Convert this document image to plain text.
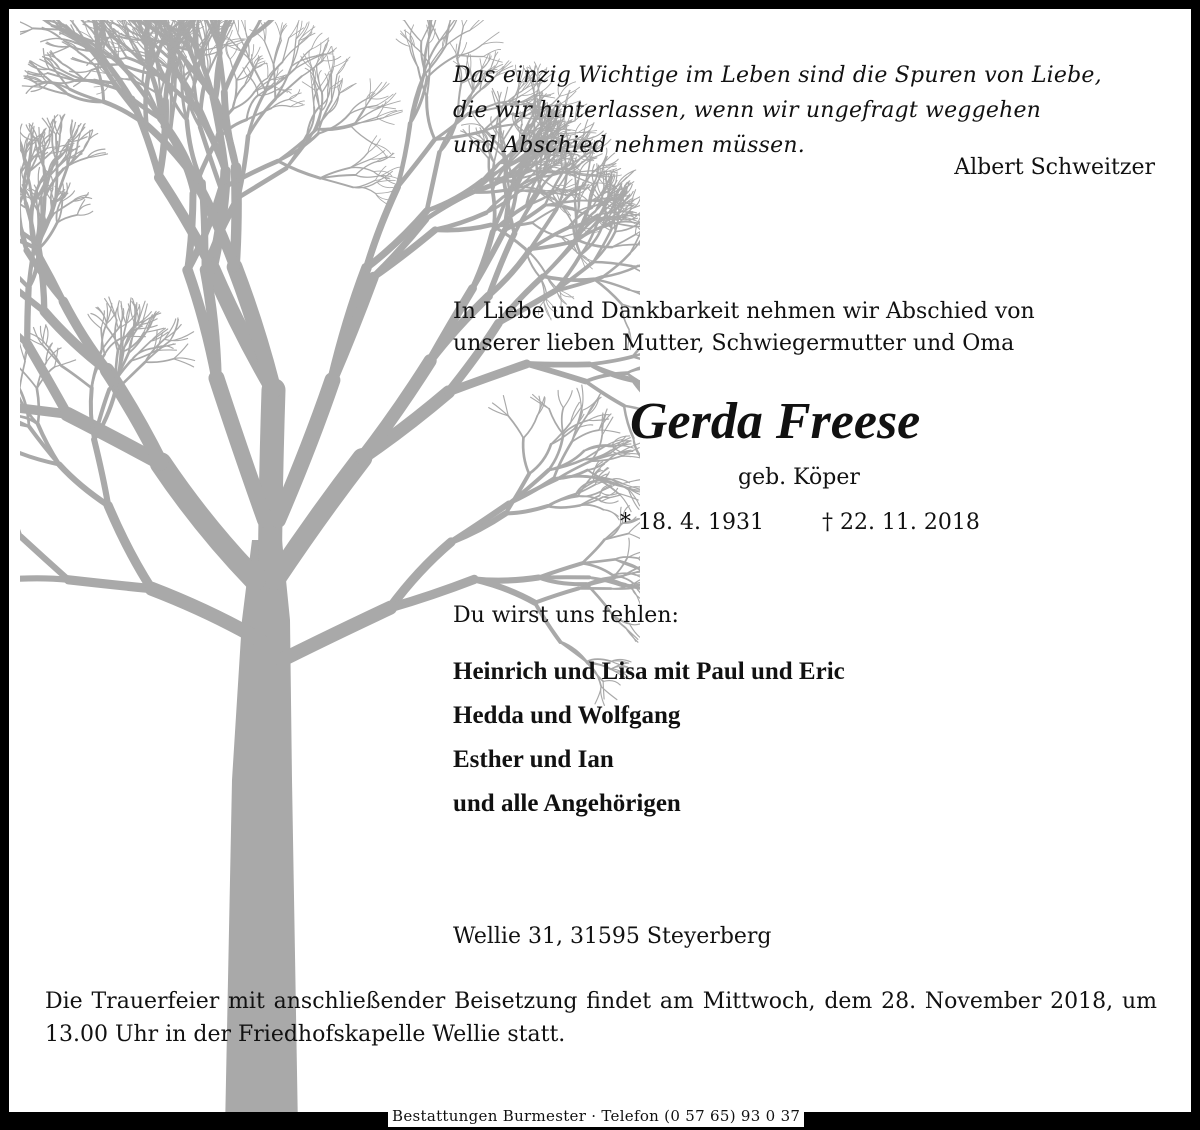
Das einzig Wichtige im Leben sind die Spuren von Liebe,
die wir hinterlassen, wenn wir ungefragt weggehen
und Abschied nehmen müssen.
Albert Schweitzer
In Liebe und Dankbarkeit nehmen wir Abschied von
unserer lieben Mutter, Schwiegermutter und Oma
Gerda Freese
geb. Köper
* 18. 4. 1931	† 22. 11. 2018
Du wirst uns fehlen:
Heinrich und Lisa mit Paul und Eric
Hedda und Wolfgang
Esther und Ian
und alle Angehörigen
Wellie 31, 31595 Steyerberg
Die Trauerfeier mit anschließender Beisetzung findet am Mittwoch, dem 28. November 2018, um 13.00 Uhr in der Friedhofskapelle Wellie statt.
Bestattungen Burmester · Telefon (0 57 65) 93 0 37
